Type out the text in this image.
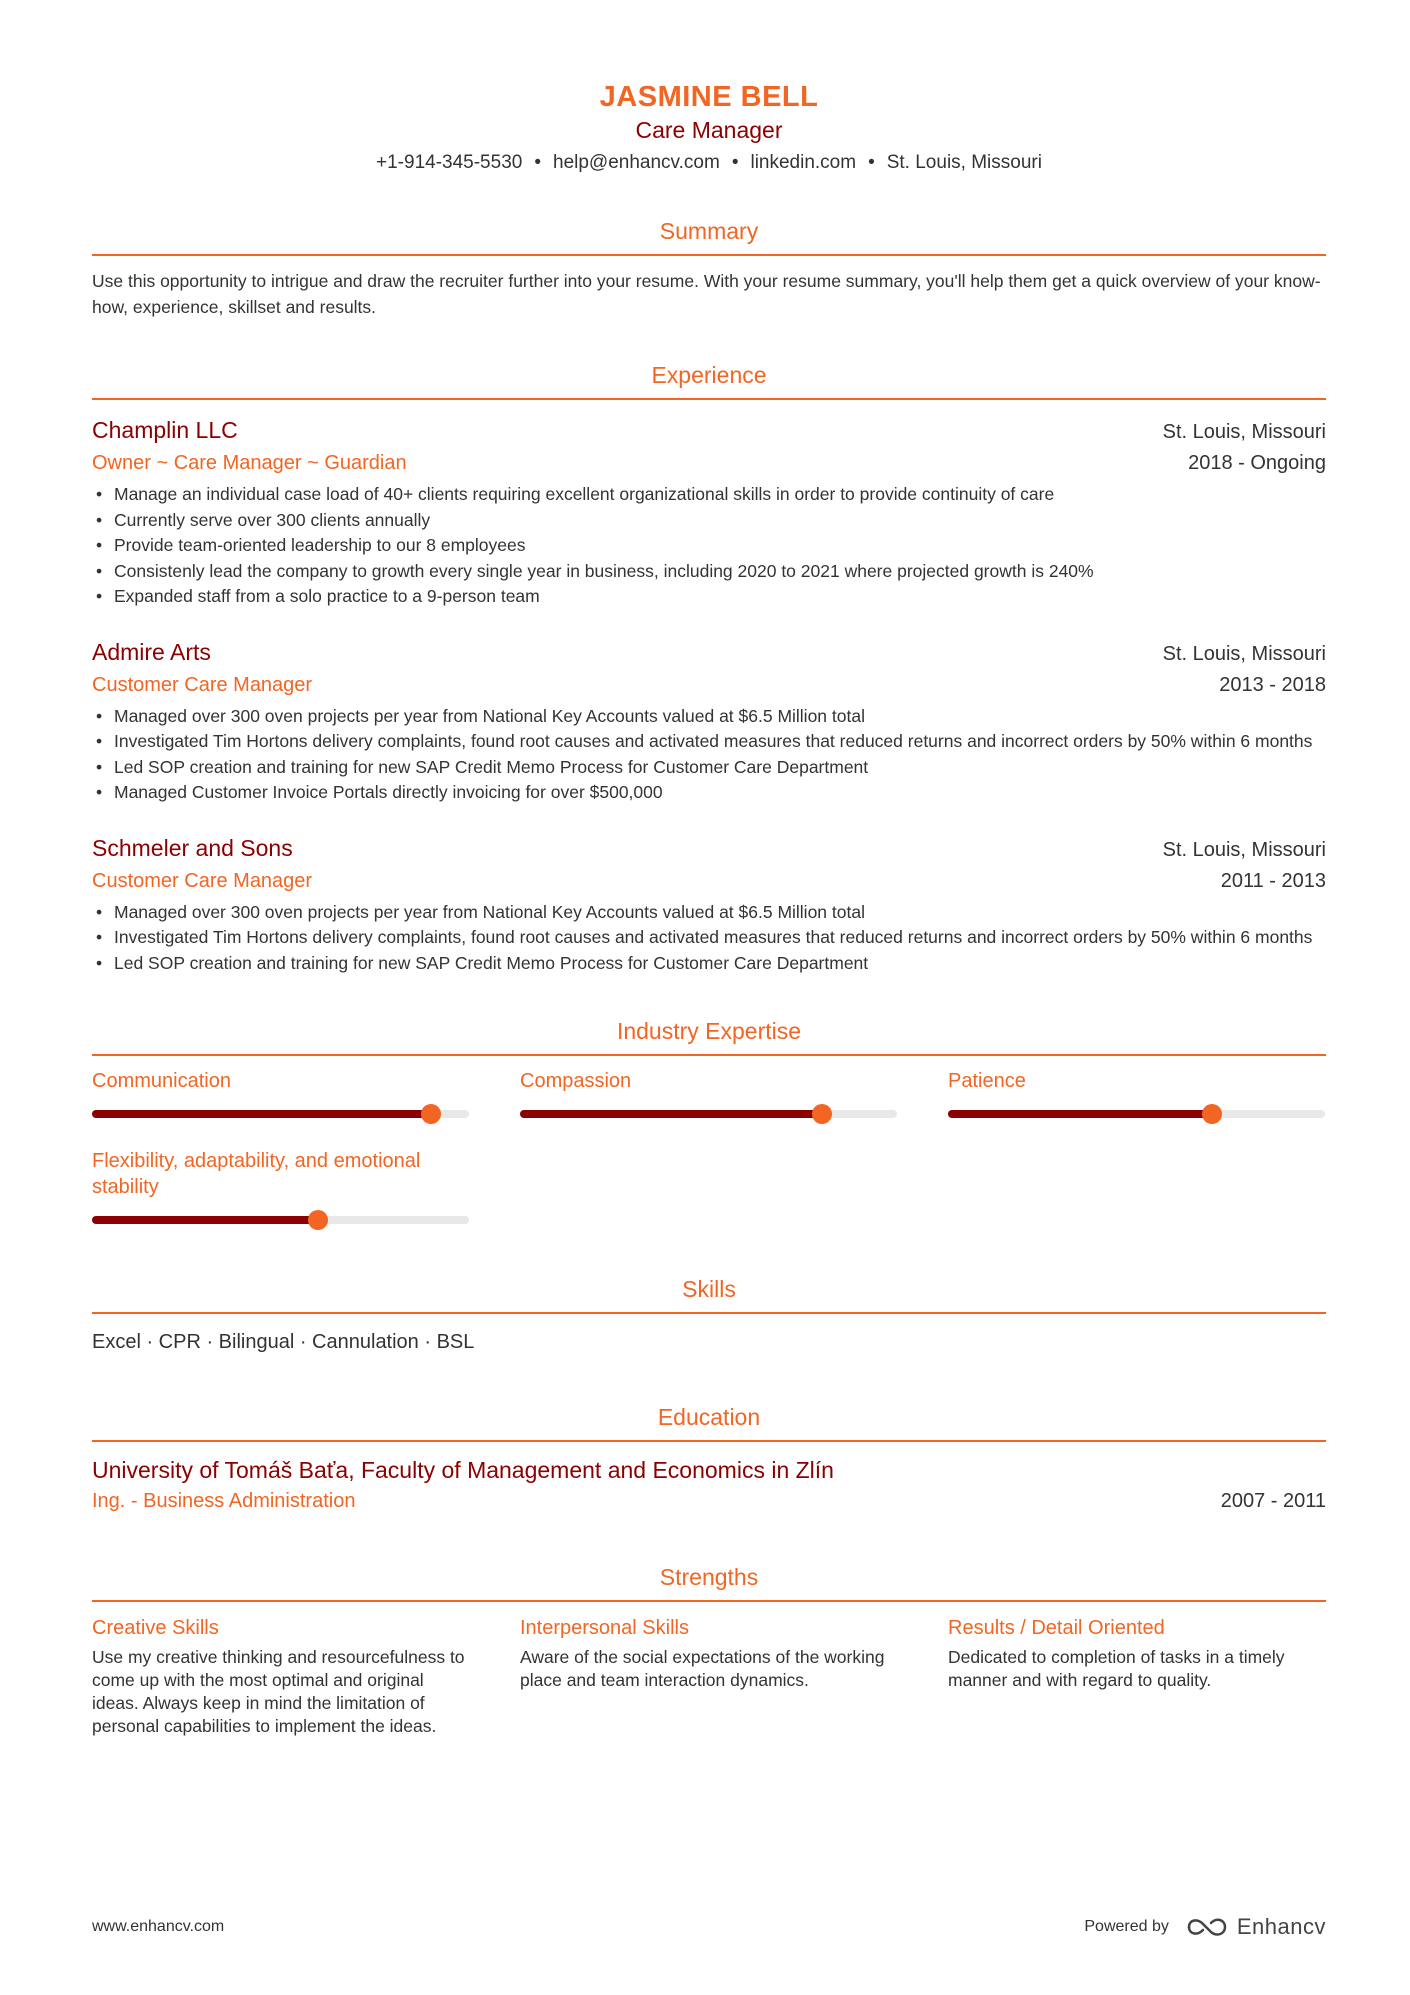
JASMINE BELL
Care Manager
+1-914-345-5530 • help@enhancv.com • linkedin.com • St. Louis, Missouri
Summary
Use this opportunity to intrigue and draw the recruiter further into your resume. With your resume summary, you'll help them get a quick overview of your know-how, experience, skillset and results.
Experience
Champlin LLC	St. Louis, Missouri
Owner ~ Care Manager ~ Guardian	2018 - Ongoing
• Manage an individual case load of 40+ clients requiring excellent organizational skills in order to provide continuity of care
• Currently serve over 300 clients annually
• Provide team-oriented leadership to our 8 employees
• Consistenly lead the company to growth every single year in business, including 2020 to 2021 where projected growth is 240%
• Expanded staff from a solo practice to a 9-person team
Admire Arts	St. Louis, Missouri
Customer Care Manager	2013 - 2018
• Managed over 300 oven projects per year from National Key Accounts valued at $6.5 Million total
• Investigated Tim Hortons delivery complaints, found root causes and activated measures that reduced returns and incorrect orders by 50% within 6 months
• Led SOP creation and training for new SAP Credit Memo Process for Customer Care Department
• Managed Customer Invoice Portals directly invoicing for over $500,000
Schmeler and Sons	St. Louis, Missouri
Customer Care Manager	2011 - 2013
• Managed over 300 oven projects per year from National Key Accounts valued at $6.5 Million total
• Investigated Tim Hortons delivery complaints, found root causes and activated measures that reduced returns and incorrect orders by 50% within 6 months
• Led SOP creation and training for new SAP Credit Memo Process for Customer Care Department
Industry Expertise
Communication	Compassion	Patience
Flexibility, adaptability, and emotional stability
Skills
Excel · CPR · Bilingual · Cannulation · BSL
Education
University of Tomáš Baťa, Faculty of Management and Economics in Zlín
Ing. - Business Administration	2007 - 2011
Strengths
Creative Skills
Use my creative thinking and resourcefulness to come up with the most optimal and original ideas. Always keep in mind the limitation of personal capabilities to implement the ideas.
Interpersonal Skills
Aware of the social expectations of the working place and team interaction dynamics.
Results / Detail Oriented
Dedicated to completion of tasks in a timely manner and with regard to quality.
www.enhancv.com	Powered by	Enhancv
